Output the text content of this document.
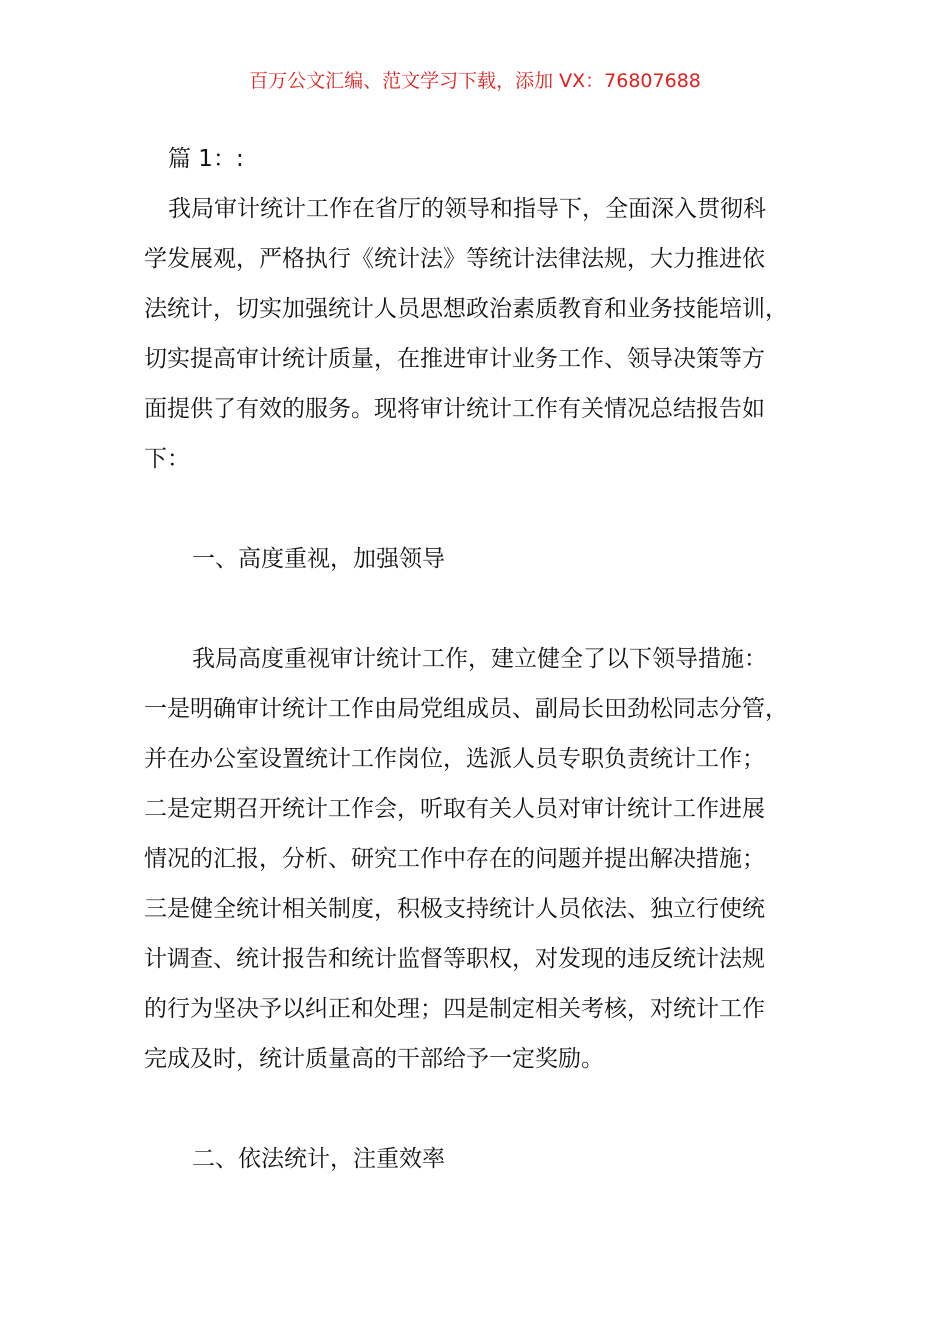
百万公文汇编、范文学习下载，添加 VX：76807688

篇 1：:

我局审计统计工作在省厅的领导和指导下，全面深入贯彻科

学发展观，严格执行《统计法》等统计法律法规，大力推进依

法统计，切实加强统计人员思想政治素质教育和业务技能培训，

切实提高审计统计质量，在推进审计业务工作、领导决策等方

面提供了有效的服务。现将审计统计工作有关情况总结报告如

下：

一、高度重视，加强领导

我局高度重视审计统计工作，建立健全了以下领导措施：

一是明确审计统计工作由局党组成员、副局长田劲松同志分管，

并在办公室设置统计工作岗位，选派人员专职负责统计工作；

二是定期召开统计工作会，听取有关人员对审计统计工作进展

情况的汇报，分析、研究工作中存在的问题并提出解决措施；

三是健全统计相关制度，积极支持统计人员依法、独立行使统

计调查、统计报告和统计监督等职权，对发现的违反统计法规

的行为坚决予以纠正和处理；四是制定相关考核，对统计工作

完成及时，统计质量高的干部给予一定奖励。

二、依法统计，注重效率
